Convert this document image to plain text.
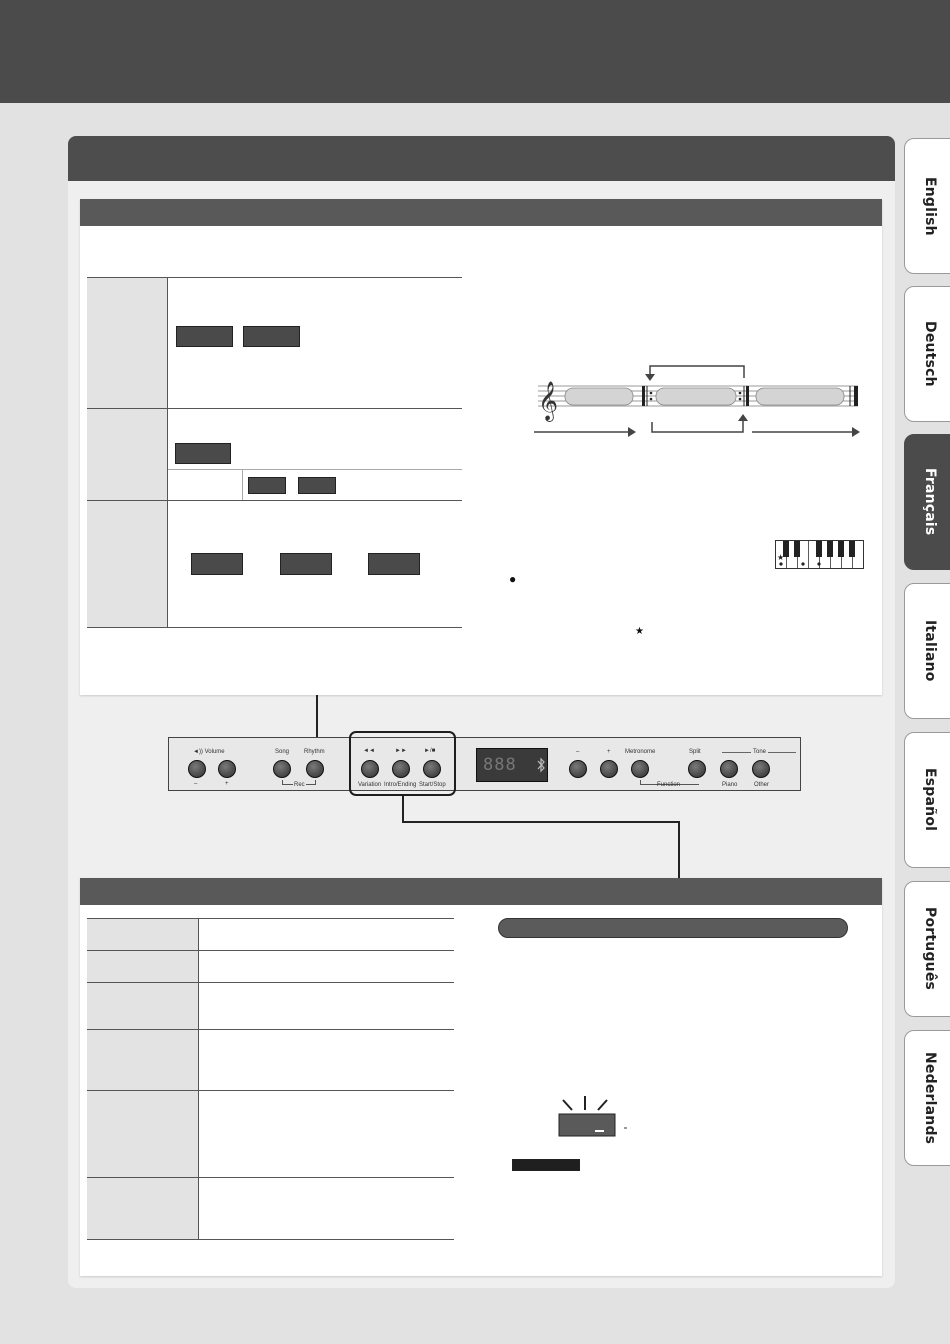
English
Deutsch
Français
Italiano
Español
Português
Nederlands
𝄞
★
●
★
◄)) Volume
–	+
Song Rhythm
Rec
◄◄	►►	►/■
Variation Intro/Ending Start/Stop
–	+ Metronome
Function
Split	Tone
Piano	Other
888
